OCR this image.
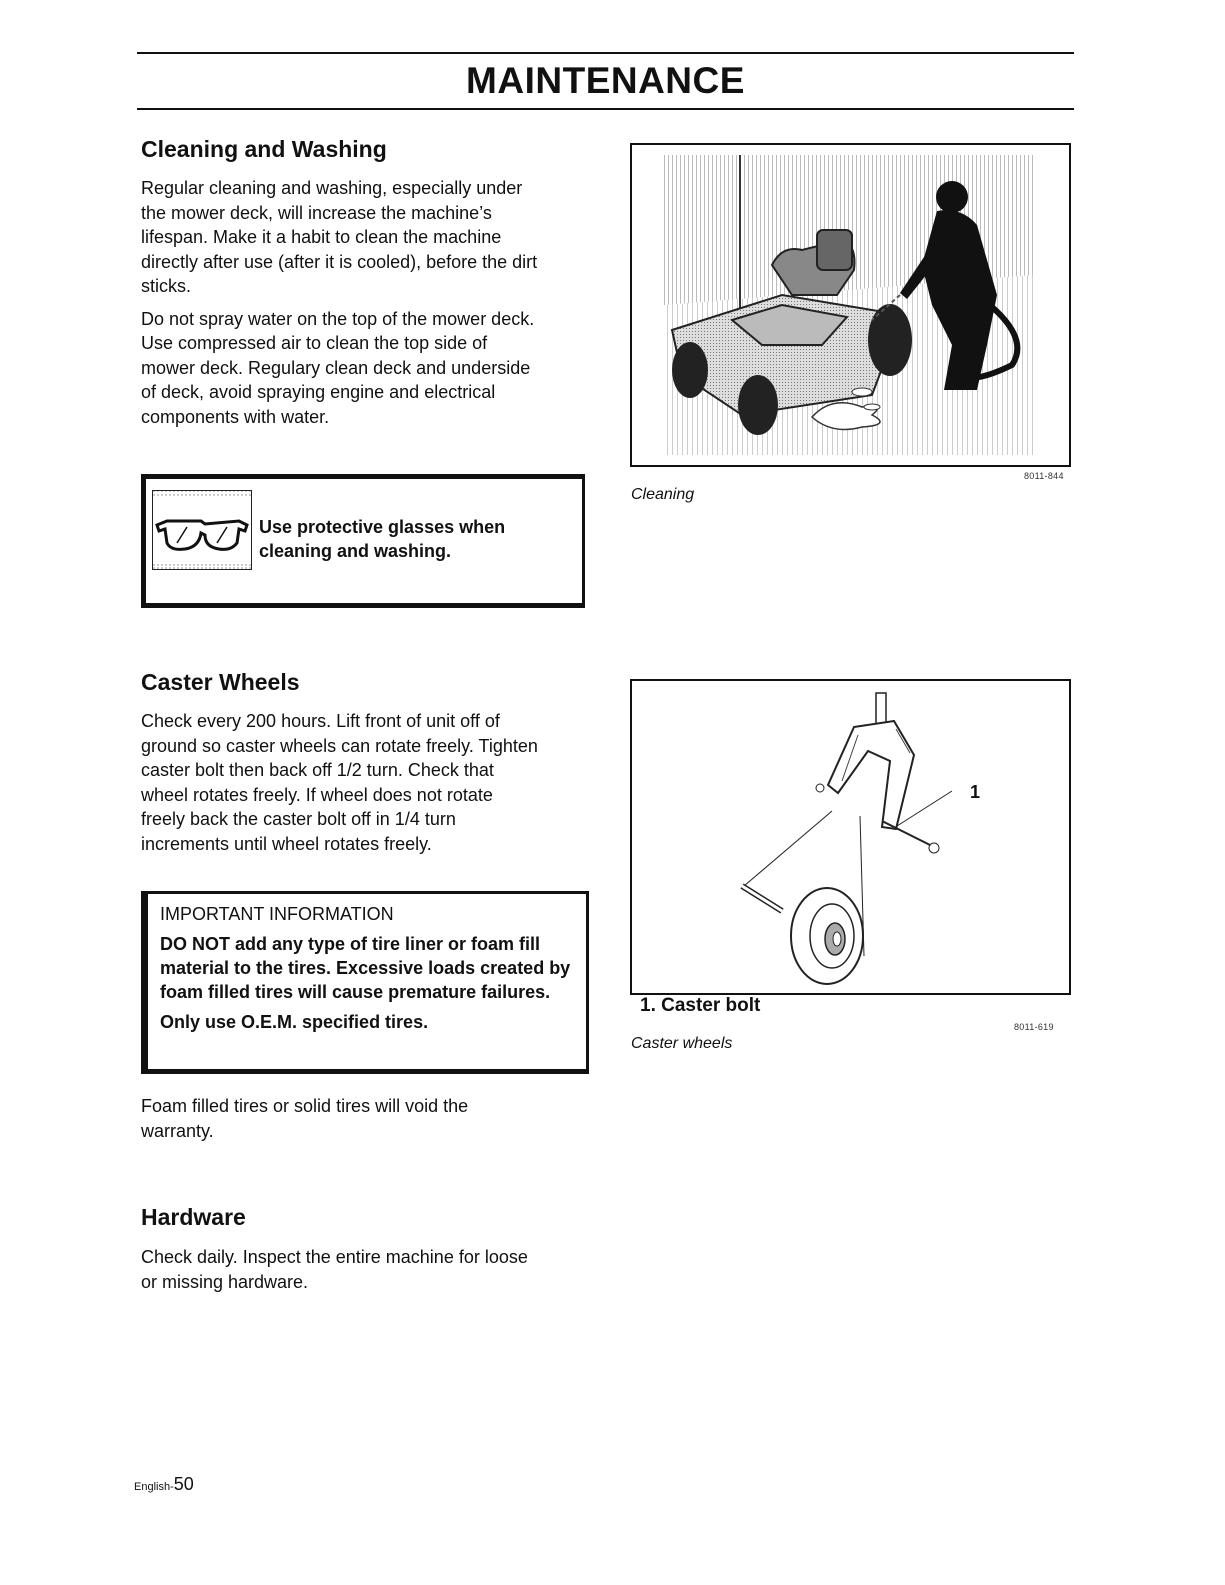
MAINTENANCE
Cleaning and Washing

Regular cleaning and washing, especially under the mower deck, will increase the machine’s lifespan. Make it a habit to clean the machine directly after use (after it is cooled), before the dirt sticks.

Do not spray water on the top of the mower deck. Use compressed air to clean the top side of mower deck. Regulary clean deck and underside of deck, avoid spraying engine and electrical components with water.

Use protective glasses when cleaning and washing.
8011-844
Cleaning
Caster Wheels

Check every 200 hours. Lift front of unit off of ground so caster wheels can rotate freely. Tighten caster bolt then back off 1/2 turn. Check that wheel rotates freely. If wheel does not rotate freely back the caster bolt off in 1/4 turn increments until wheel rotates freely.

IMPORTANT INFORMATION

DO NOT add any type of tire liner or foam fill material to the tires. Excessive loads created by foam filled tires will cause premature failures.

Only use O.E.M. specified tires.

Foam filled tires or solid tires will void the warranty.

1
1. Caster bolt
8011-619
Caster wheels
Hardware

Check daily. Inspect the entire machine for loose or missing hardware.

English-50
